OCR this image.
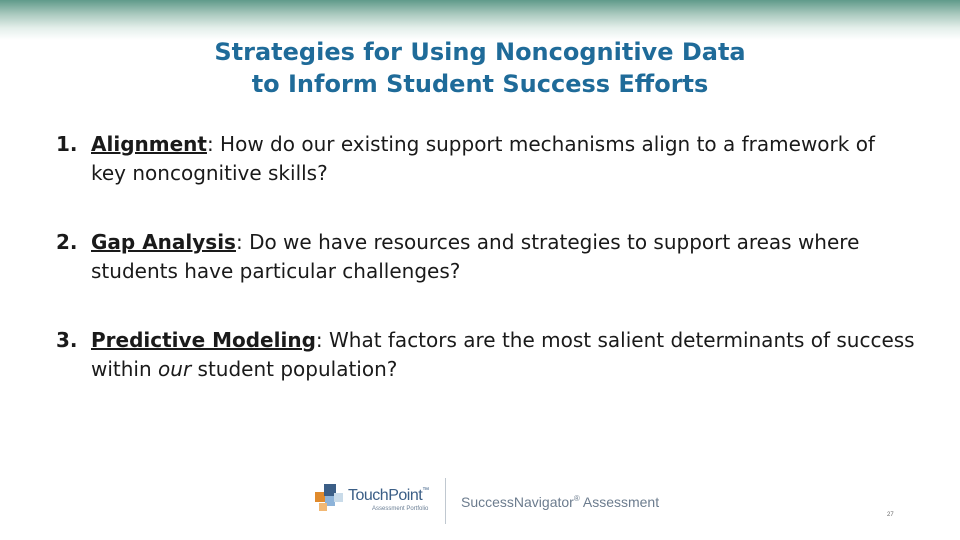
Strategies for Using Noncognitive Data
to Inform Student Success Efforts
1. Alignment: How do our existing support mechanisms align to a framework of key noncognitive skills?
2. Gap Analysis: Do we have resources and strategies to support areas where students have particular challenges?
3. Predictive Modeling: What factors are the most salient determinants of success within our student population?
TouchPoint™
Assessment Portfolio SuccessNavigator® Assessment
27
